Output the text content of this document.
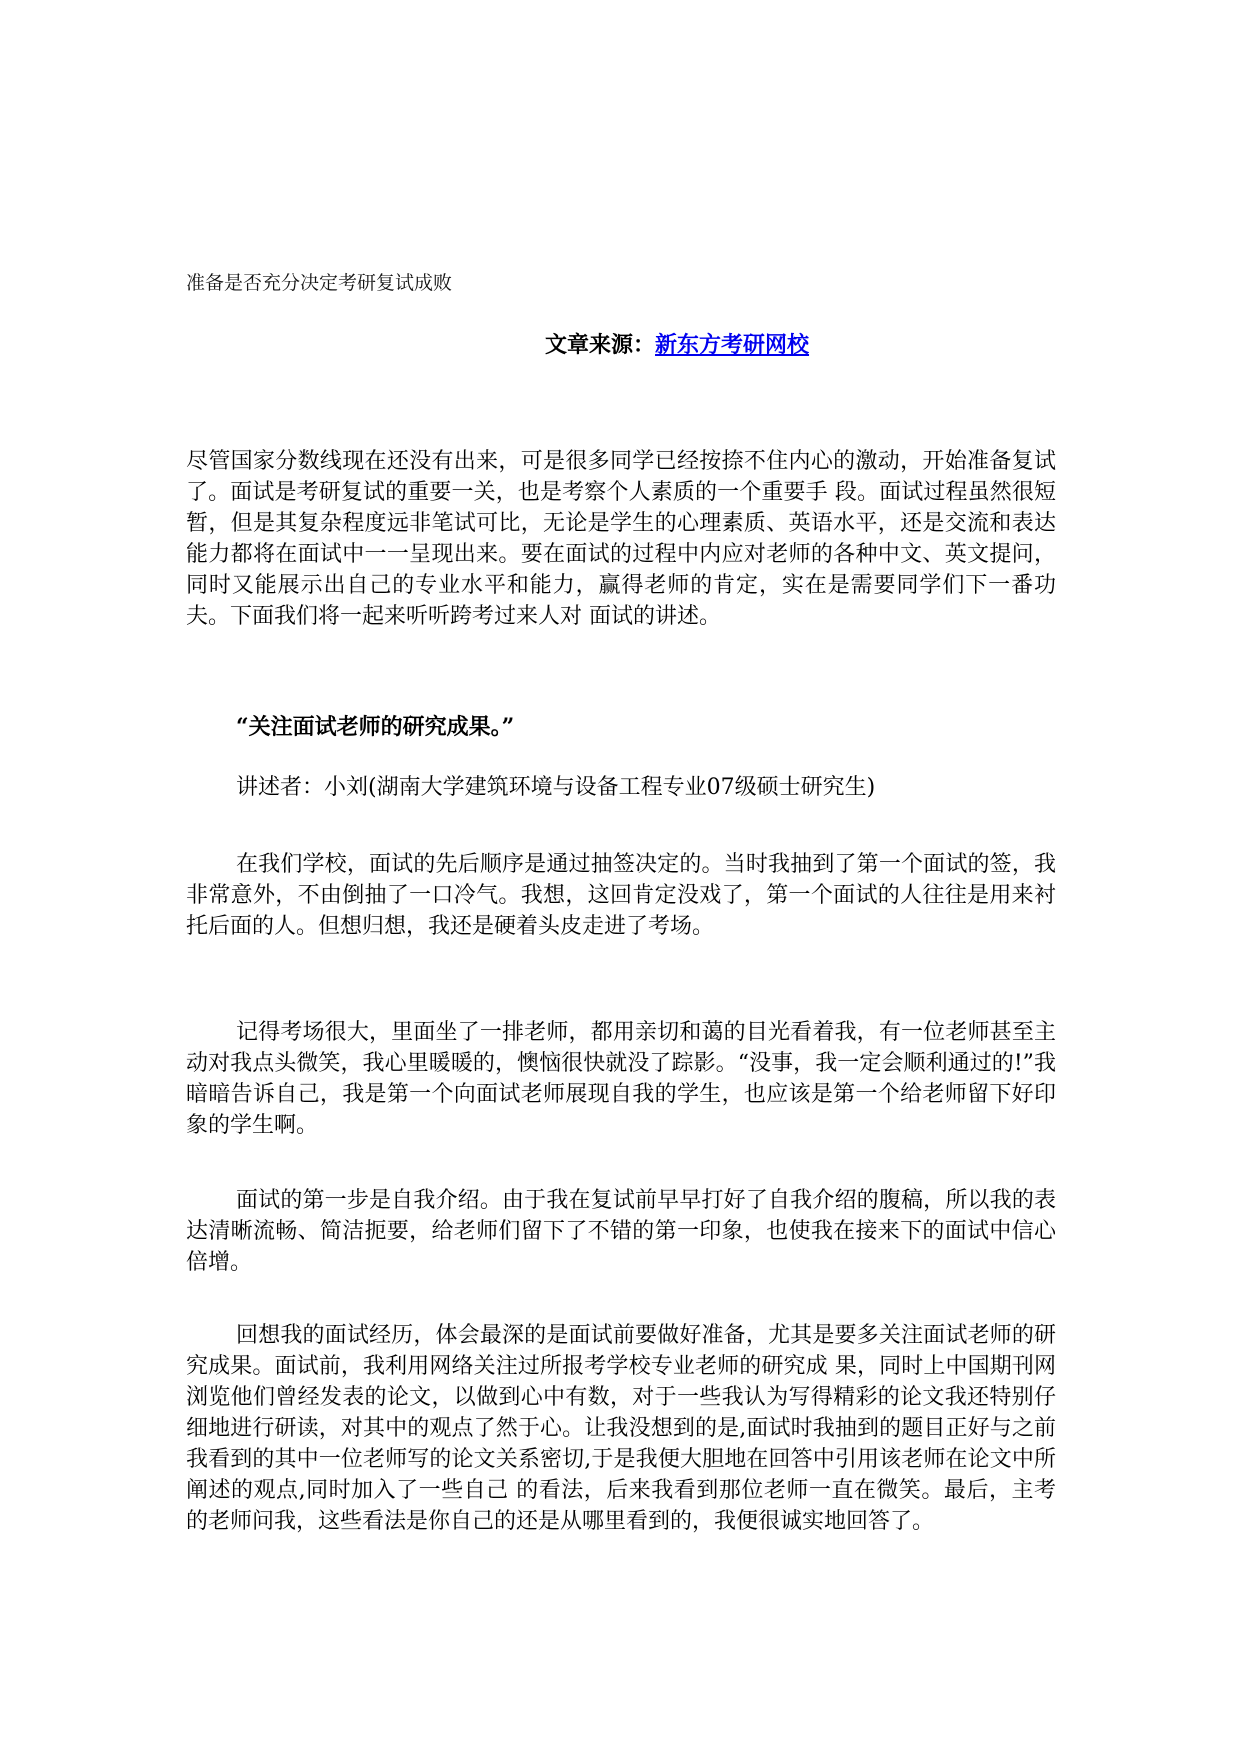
准备是否充分决定考研复试成败
文章来源：新东方考研网校

尽管国家分数线现在还没有出来，可是很多同学已经按捺不住内心的激动，开始准备复试了。面试是考研复试的重要一关，也是考察个人素质的一个重要手 段。面试过程虽然很短暂，但是其复杂程度远非笔试可比，无论是学生的心理素质、英语水平，还是交流和表达能力都将在面试中一一呈现出来。要在面试的过程中内应对老师的各种中文、英文提问，同时又能展示出自己的专业水平和能力，赢得老师的肯定，实在是需要同学们下一番功夫。下面我们将一起来听听跨考过来人对 面试的讲述。

“关注面试老师的研究成果。”
讲述者：小刘(湖南大学建筑环境与设备工程专业07级硕士研究生)

在我们学校，面试的先后顺序是通过抽签决定的。当时我抽到了第一个面试的签，我非常意外，不由倒抽了一口冷气。我想，这回肯定没戏了，第一个面试的人往往是用来衬托后面的人。但想归想，我还是硬着头皮走进了考场。

记得考场很大，里面坐了一排老师，都用亲切和蔼的目光看着我，有一位老师甚至主动对我点头微笑，我心里暖暖的，懊恼很快就没了踪影。“没事，我一定会顺利通过的!”我暗暗告诉自己，我是第一个向面试老师展现自我的学生，也应该是第一个给老师留下好印象的学生啊。

面试的第一步是自我介绍。由于我在复试前早早打好了自我介绍的腹稿，所以我的表达清晰流畅、简洁扼要，给老师们留下了不错的第一印象，也使我在接来下的面试中信心倍增。

回想我的面试经历，体会最深的是面试前要做好准备，尤其是要多关注面试老师的研究成果。面试前，我利用网络关注过所报考学校专业老师的研究成 果，同时上中国期刊网浏览他们曾经发表的论文，以做到心中有数，对于一些我认为写得精彩的论文我还特别仔细地进行研读，对其中的观点了然于心。让我没想到的是,面试时我抽到的题目正好与之前我看到的其中一位老师写的论文关系密切,于是我便大胆地在回答中引用该老师在论文中所阐述的观点,同时加入了一些自己 的看法，后来我看到那位老师一直在微笑。最后，主考的老师问我，这些看法是你自己的还是从哪里看到的，我便很诚实地回答了。
